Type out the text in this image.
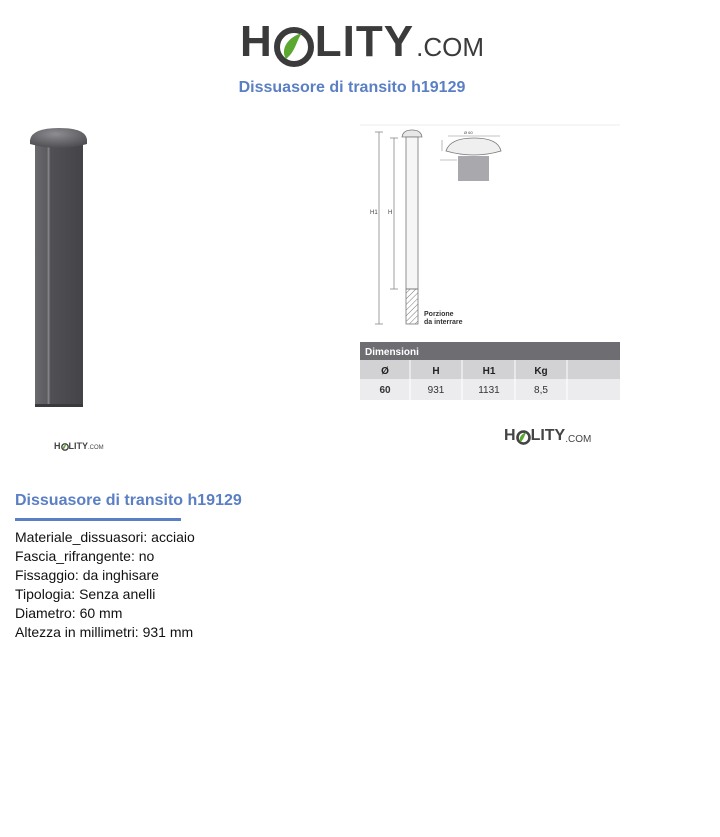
H LITY .COM
Dissuasore di transito h19129
H1 H
Porzione
da interrare
Ø 60
Dimensioni
Ø	H	H1	Kg
60	931	1131	8,5
H LITY .COM
H LITY .COM
Dissuasore di transito h19129
Materiale_dissuasori: acciaio
Fascia_rifrangente: no
Fissaggio: da inghisare
Tipologia: Senza anelli
Diametro: 60 mm
Altezza in millimetri: 931 mm
